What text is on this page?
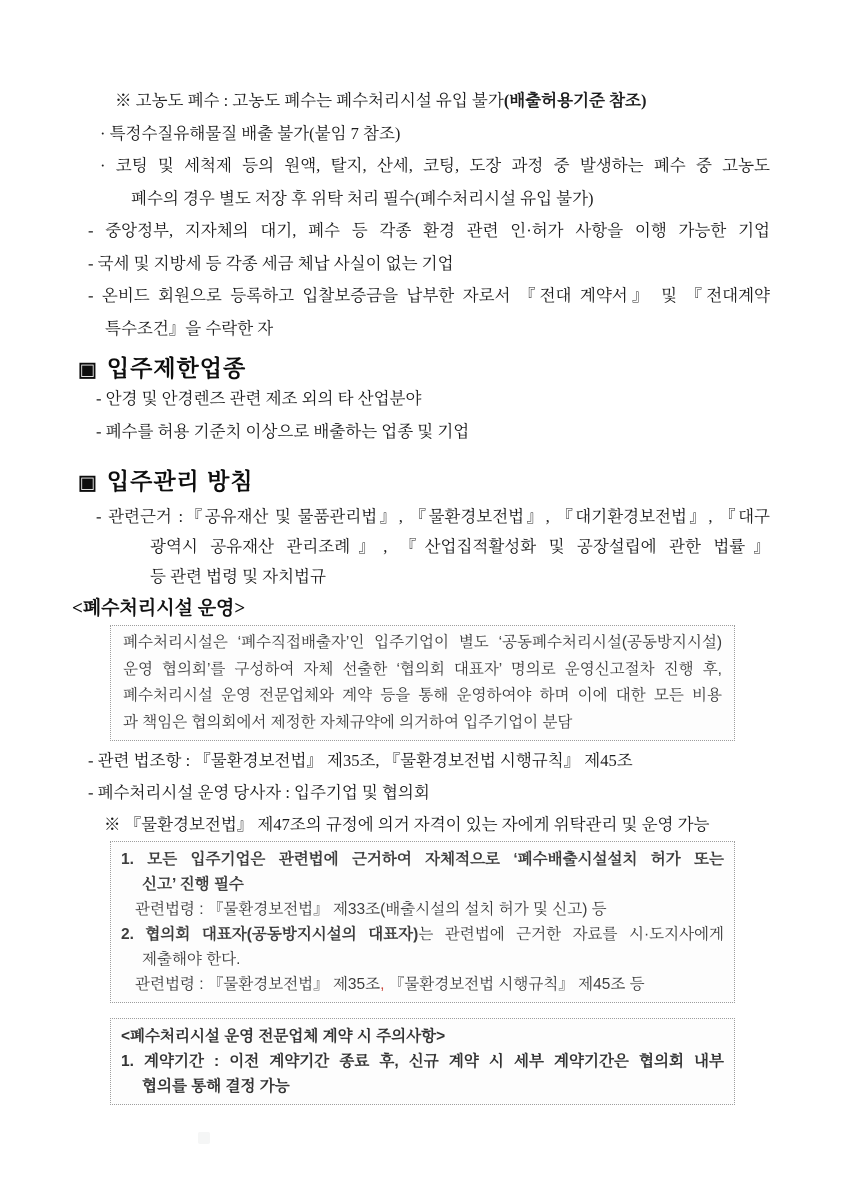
※ 고농도 폐수 : 고농도 폐수는 폐수처리시설 유입 불가(배출허용기준 참조)
· 특정수질유해물질 배출 불가(붙임 7 참조)
· 코팅 및 세척제 등의 원액, 탈지, 산세, 코팅, 도장 과정 중 발생하는 폐수 중 고농도
폐수의 경우 별도 저장 후 위탁 처리 필수(폐수처리시설 유입 불가)
- 중앙정부, 지자체의 대기, 폐수 등 각종 환경 관련 인·허가 사항을 이행 가능한 기업
- 국세 및 지방세 등 각종 세금 체납 사실이 없는 기업
- 온비드 회원으로 등록하고 입찰보증금을 납부한 자로서 『전대 계약서』 및 『전대계약
특수조건』을 수락한 자
▣ 입주제한업종
- 안경 및 안경렌즈 관련 제조 외의 타 산업분야
- 폐수를 허용 기준치 이상으로 배출하는 업종 및 기업
▣ 입주관리 방침
- 관련근거 :『공유재산 및 물품관리법』, 『물환경보전법』, 『대기환경보전법』, 『대구
광역시 공유재산 관리조례』, 『산업집적활성화 및 공장설립에 관한 법률』
등 관련 법령 및 자치법규
<폐수처리시설 운영>
폐수처리시설은 ‘폐수직접배출자’인 입주기업이 별도 ‘공동폐수처리시설(공동방지시설)
운영 협의회’를 구성하여 자체 선출한 ‘협의회 대표자’ 명의로 운영신고절차 진행 후,
폐수처리시설 운영 전문업체와 계약 등을 통해 운영하여야 하며 이에 대한 모든 비용
과 책임은 협의회에서 제정한 자체규약에 의거하여 입주기업이 분담
- 관련 법조항 : 『물환경보전법』 제35조, 『물환경보전법 시행규칙』 제45조
- 폐수처리시설 운영 당사자 : 입주기업 및 협의회
※ 『물환경보전법』 제47조의 규정에 의거 자격이 있는 자에게 위탁관리 및 운영 가능
1. 모든 입주기업은 관련법에 근거하여 자체적으로 ‘폐수배출시설설치 허가 또는
신고’ 진행 필수
관련법령 : 『물환경보전법』 제33조(배출시설의 설치 허가 및 신고) 등
2. 협의회 대표자(공동방지시설의 대표자)는 관련법에 근거한 자료를 시·도지사에게
제출해야 한다.
관련법령 : 『물환경보전법』 제35조, 『물환경보전법 시행규칙』 제45조 등
<폐수처리시설 운영 전문업체 계약 시 주의사항>
1. 계약기간 : 이전 계약기간 종료 후, 신규 계약 시 세부 계약기간은 협의회 내부
협의를 통해 결정 가능
